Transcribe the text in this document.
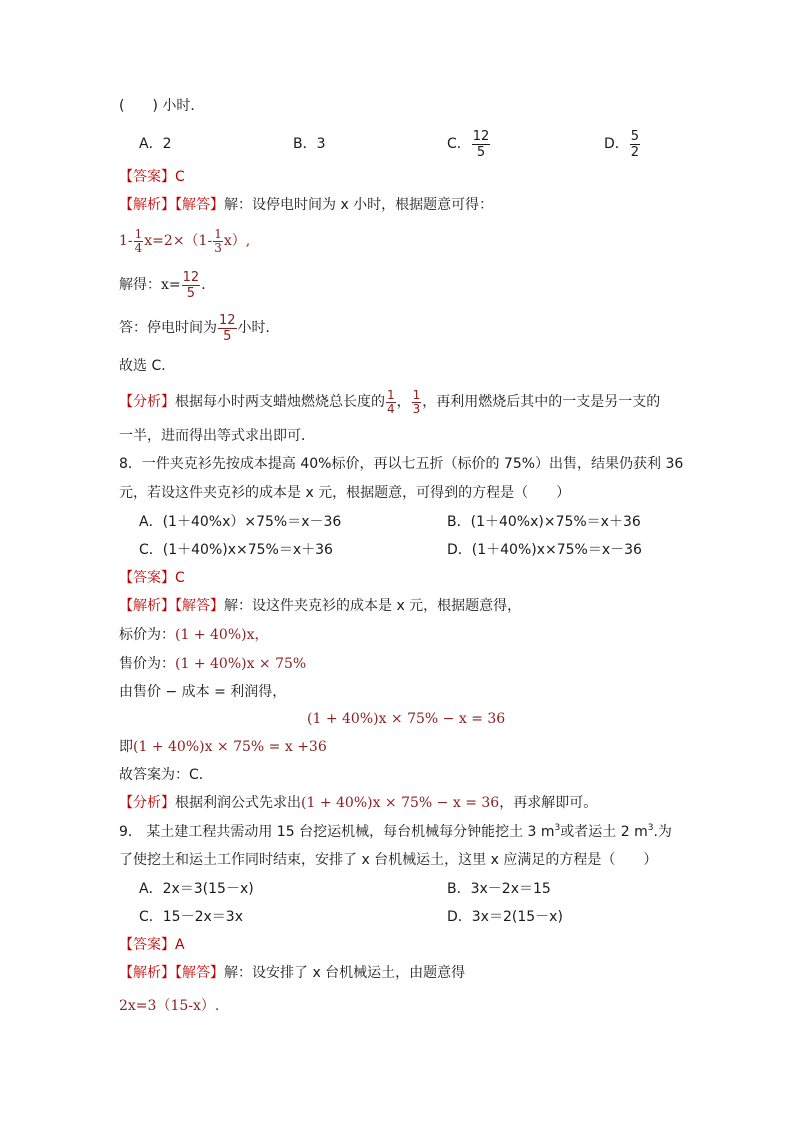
(　　) 小时．
A．2	B．3	C． $\frac{12}{5}$	D． $\frac{5}{2}$
【答案】C
【解析】【解答】解：设停电时间为 x 小时，根据题意可得：
$1- \frac{1}{4} x=2\times(1- \frac{1}{3} x)$,
解得：$x= \frac{12}{5}$ ．
答：停电时间为 $\frac{12}{5}$ 小时．
故选 C．
【分析】根据每小时两支蜡烛燃烧总长度的 $\frac{1}{4}$ ， $\frac{1}{3}$ ，再利用燃烧后其中的一支是另一支的
一半，进而得出等式求出即可．
8．一件夹克衫先按成本提高 40%标价，再以七五折（标价的 75%）出售，结果仍获利 36
元，若设这件夹克衫的成本是 x 元，根据题意，可得到的方程是（　　）
A．(1＋40%x）×75%＝x－36	B．(1＋40%x)×75%＝x＋36
C．(1＋40%)x×75%＝x＋36	D．(1＋40%)x×75%＝x－36
【答案】C
【解析】【解答】解：设这件夹克衫的成本是 x 元，根据题意得，
标价为：(1 + 40%)x，
售价为：(1 + 40%)x × 75%
由售价 − 成本 = 利润得，
(1 + 40%)x × 75% − x = 36
即(1 + 40%)x × 75% = x +36
故答案为：C．
【分析】根据利润公式先求出(1 + 40%)x × 75% − x = 36，再求解即可。
9． 某土建工程共需动用 15 台挖运机械，每台机械每分钟能挖土 3 $m^3$或者运土 2 $m^3$.为
了使挖土和运土工作同时结束，安排了 x 台机械运土，这里 x 应满足的方程是（　　）
A．2x＝3(15－x)	B．3x－2x＝15
C．15－2x＝3x	D．3x＝2(15－x)
【答案】A
【解析】【解答】解：设安排了 x 台机械运土，由题意得
2x=3（15-x）.
